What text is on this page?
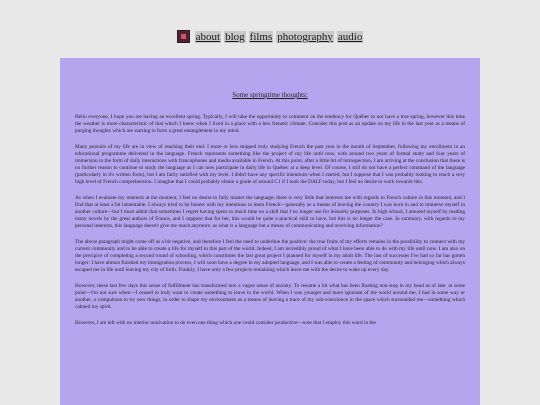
about blog films photography audio
Some springtime thoughts:

Hello everyone, I hope you are having an excellent spring. Typically, I will take the opportunity to comment on the tendency for Québec to not have a true spring, however this time the weather is more characteristic of that which I knew when I lived in a place with a less frenetic climate. Consider this post as an update on my life in the last year as a means of purging thoughts which are starting to form a great entanglement in my mind.

Many pursuits of my life are in view of reaching their end. I more or less stopped truly studying French the past year in the month of September, following my enrollment in an educational programme delivered in the language. French represents something like the project of my life until now, with around two years of formal study and four years of immersion in the form of daily interactions with francophones and media available in French. At this point, after a little bit of introspection, I am arriving at the conclusion that there is no further reason to continue to study the language as I can now participate in daily life in Québec at a deep level. Of course, I still do not have a perfect command of the language (particularly in it's written form), but I am fairly satisfied with my level. I didn't have any specific intentions when I started, but I suppose that I was probably looking to reach a very high level of French comprehension. I imagine that I could probably obtain a grade of around C1 if I took the DALF today, but I feel no desire to work towards this.

As when I evaluate my interests at the moment, I feel no desire to fully master the language; there is very little that interests me with regards to French culture in this moment, and I find that at least a bit lamentable. I always tried to be honest with my intentions to learn French—generally as a means of leaving the country I was born in and to immerse myself in another culture—but I must admit that sometimes I regret having spent so much time on a skill that I no longer use for leisurely purposes. In high school, I amused myself by reading many novels by the great authors of France, and I suppose that for her, this would be quite a practical skill to have, but this is no longer the case. In summary, with regards to my personal interests, this language doesn't give me much anymore, as what is a language but a means of communicating and receiving information?

The above paragraph might come off as a bit negative, and therefore I feel the need to underline the positive: the true fruits of my efforts remains in the possibility to connect with my current community and to be able to create a life for myself in this part of the world. Indeed, I am incredibly proud of what I have been able to do with my life until now. I am also on the precipice of completing a second round of schooling, which constitutes the last great project I planned for myself in my adult life. The last of successes I've had so far has gotten longer: I have almost finished my immigration process, I will soon have a degree in my adopted language, and I was able to create a feeling of community and belonging which always escaped me in life until leaving my city of birth. Frankly, I have only a few projects remaining which leave me with the desire to wake up every day.

However, these last few days this sense of fulfillment has transformed into a vague sense of anxiety. To resume a bit what has been floating non-stop in my head as of late: at some point—I'm not sure when—I ceased to truly want to create something to leave in the world. When I was younger and more ignorant of the world around me, I had in some way or another, a compulsion to try new things, in order to shape my environment as a means of leaving a trace of my sub-conscience in the space which surrounded me—something which calmed my spirit.

However, I am left with no interior motivation to do even one thing which one could consider productive—note that I employ this word in the
